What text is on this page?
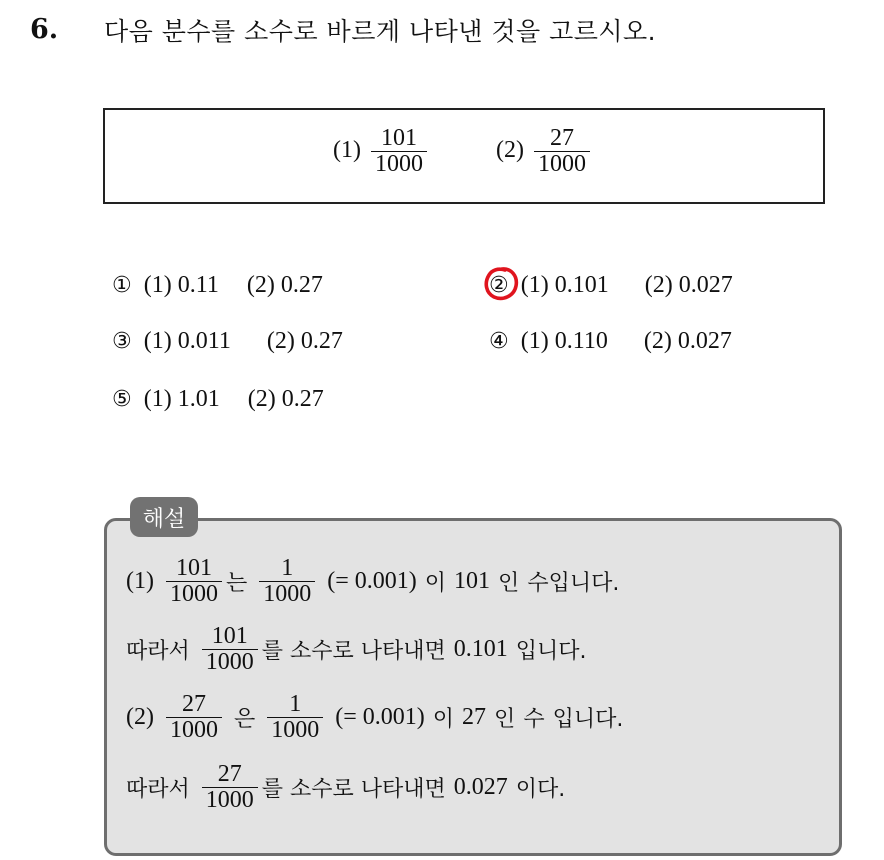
6. 다음 분수를 소수로 바르게 나타낸 것을 고르시오.
$(1) \frac{101}{1000}$	$(2) \frac{27}{1000}$
① (1) 0.11 (2) 0.27	② (1) 0.101 (2) 0.027
③ (1) 0.011 (2) 0.27	④ (1) 0.110 (2) 0.027
⑤ (1) 1.01 (2) 0.27
해설
$(1) \frac{101}{1000}$ 는 $\frac{1}{1000}$ (= 0.001) 이 101 인 수입니다.
따라서 $\frac{101}{1000}$ 를 소수로 나타내면 0.101 입니다.
$(2) \frac{27}{1000}$ 은 $\frac{1}{1000}$ (= 0.001) 이 27 인 수 입니다.
따라서 $\frac{27}{1000}$ 를 소수로 나타내면 0.027 이다.
